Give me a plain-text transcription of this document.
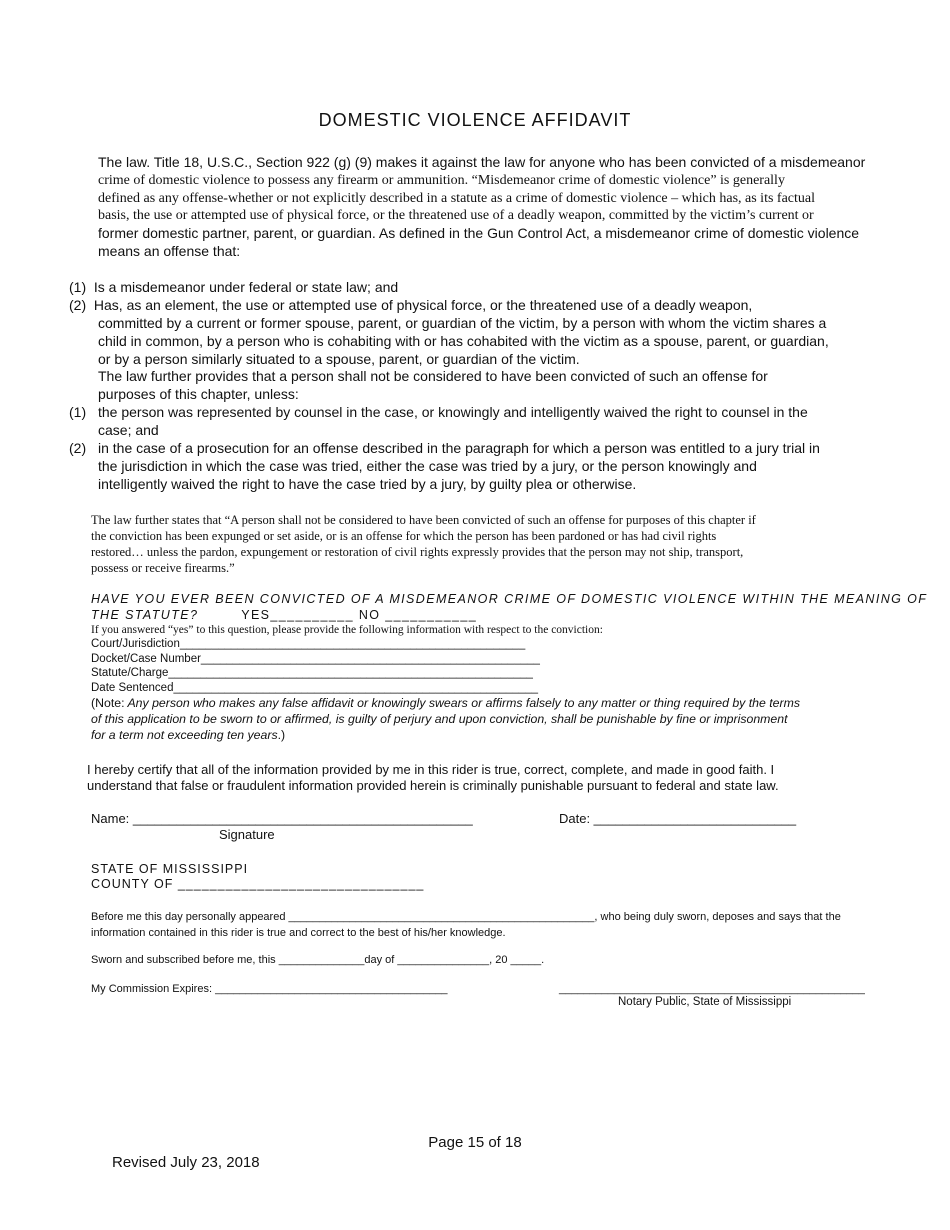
DOMESTIC VIOLENCE AFFIDAVIT
The law. Title 18, U.S.C., Section 922 (g) (9) makes it against the law for anyone who has been convicted of a misdemeanor
crime of domestic violence to possess any firearm or ammunition. “Misdemeanor crime of domestic violence” is generally
defined as any offense-whether or not explicitly described in a statute as a crime of domestic violence – which has, as its factual
basis, the use or attempted use of physical force, or the threatened use of a deadly weapon, committed by the victim’s current or
former domestic partner, parent, or guardian. As defined in the Gun Control Act, a misdemeanor crime of domestic violence
means an offense that:
(1) Is a misdemeanor under federal or state law; and
(2) Has, as an element, the use or attempted use of physical force, or the threatened use of a deadly weapon,
committed by a current or former spouse, parent, or guardian of the victim, by a person with whom the victim shares a
child in common, by a person who is cohabiting with or has cohabited with the victim as a spouse, parent, or guardian,
or by a person similarly situated to a spouse, parent, or guardian of the victim.
The law further provides that a person shall not be considered to have been convicted of such an offense for
purposes of this chapter, unless:
(1) the person was represented by counsel in the case, or knowingly and intelligently waived the right to counsel in the
case; and
(2) in the case of a prosecution for an offense described in the paragraph for which a person was entitled to a jury trial in
the jurisdiction in which the case was tried, either the case was tried by a jury, or the person knowingly and
intelligently waived the right to have the case tried by a jury, by guilty plea or otherwise.
The law further states that “A person shall not be considered to have been convicted of such an offense for purposes of this chapter if
the conviction has been expunged or set aside, or is an offense for which the person has been pardoned or has had civil rights
restored… unless the pardon, expungement or restoration of civil rights expressly provides that the person may not ship, transport,
possess or receive firearms.”
HAVE YOU EVER BEEN CONVICTED OF A MISDEMEANOR CRIME OF DOMESTIC VIOLENCE WITHIN THE MEANING OF
THE STATUTE?	YES__________ NO ___________
If you answered “yes” to this question, please provide the following information with respect to the conviction:
Court/Jurisdiction______________________________________________________
Docket/Case Number_____________________________________________________
Statute/Charge_________________________________________________________
Date Sentenced_________________________________________________________
(Note: Any person who makes any false affidavit or knowingly swears or affirms falsely to any matter or thing required by the terms
of this application to be sworn to or affirmed, is guilty of perjury and upon conviction, shall be punishable by fine or imprisonment
for a term not exceeding ten years.)
I hereby certify that all of the information provided by me in this rider is true, correct, complete, and made in good faith. I
understand that false or fraudulent information provided herein is criminally punishable pursuant to federal and state law.
Name: _______________________________________________
Signature
Date: ____________________________
STATE OF MISSISSIPPI
COUNTY OF _______________________________
Before me this day personally appeared __________________________________________________, who being duly sworn, deposes and says that the
information contained in this rider is true and correct to the best of his/her knowledge.
Sworn and subscribed before me, this ______________day of _______________, 20 _____.
My Commission Expires: ______________________________________	__________________________________________________
Notary Public, State of Mississippi
Page 15 of 18
Revised July 23, 2018
